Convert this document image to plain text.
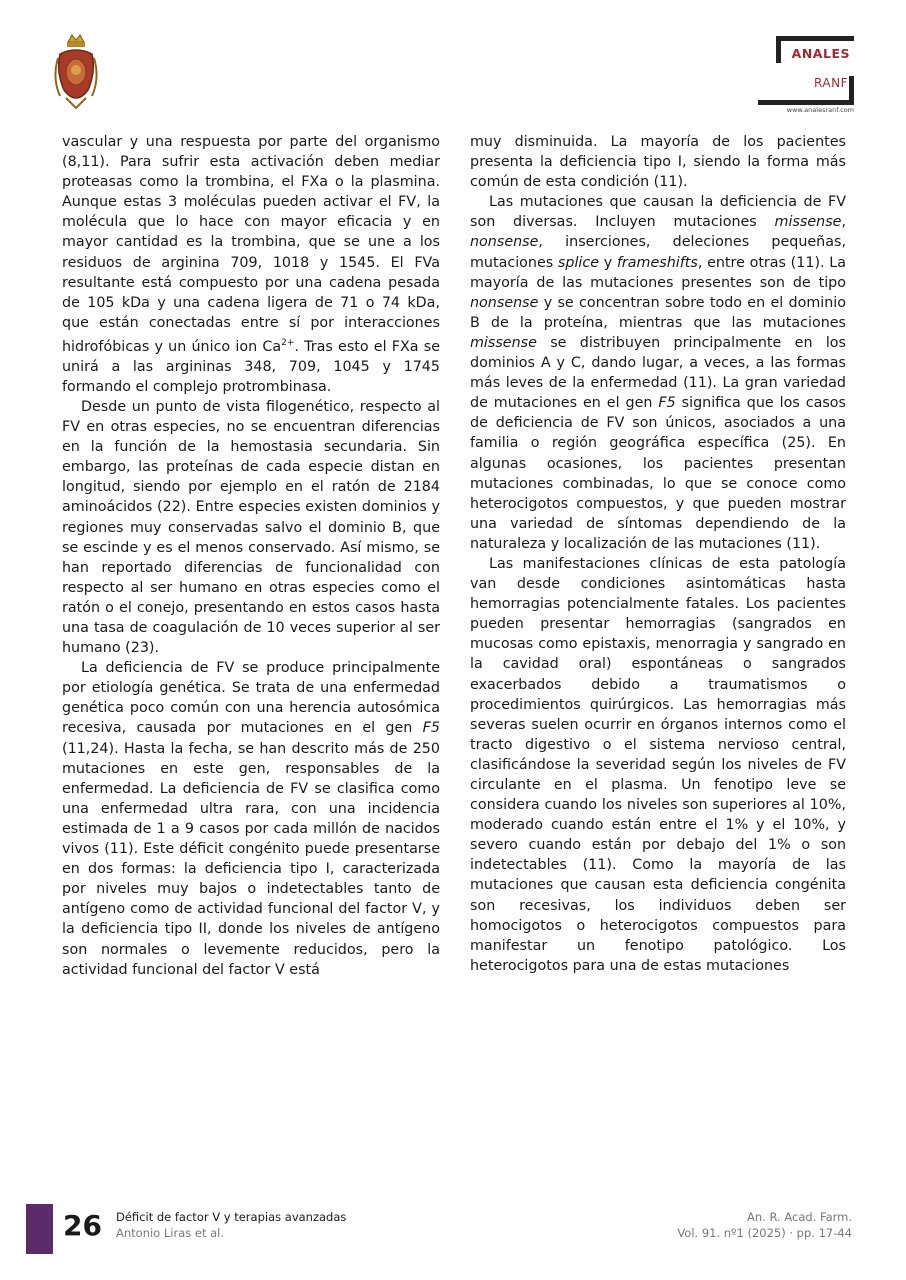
ANALES
RANF
www.analesranf.com

vascular y una respuesta por parte del organismo (8,11). Para sufrir esta activación deben mediar proteasas como la trombina, el FXa o la plasmina. Aunque estas 3 moléculas pueden activar el FV, la molécula que lo hace con mayor eficacia y en mayor cantidad es la trombina, que se une a los residuos de arginina 709, 1018 y 1545. El FVa resultante está compuesto por una cadena pesada de 105 kDa y una cadena ligera de 71 o 74 kDa, que están conectadas entre sí por interacciones hidrofóbicas y un único ion $Ca^{2+}$. Tras esto el FXa se unirá a las argininas 348, 709, 1045 y 1745 formando el complejo protrombinasa.

Desde un punto de vista filogenético, respecto al FV en otras especies, no se encuentran diferencias en la función de la hemostasia secundaria. Sin embargo, las proteínas de cada especie distan en longitud, siendo por ejemplo en el ratón de 2184 aminoácidos (22). Entre especies existen dominios y regiones muy conservadas salvo el dominio B, que se escinde y es el menos conservado. Así mismo, se han reportado diferencias de funcionalidad con respecto al ser humano en otras especies como el ratón o el conejo, presentando en estos casos hasta una tasa de coagulación de 10 veces superior al ser humano (23).

La deficiencia de FV se produce principalmente por etiología genética. Se trata de una enfermedad genética poco común con una herencia autosómica recesiva, causada por mutaciones en el gen F5 (11,24). Hasta la fecha, se han descrito más de 250 mutaciones en este gen, responsables de la enfermedad. La deficiencia de FV se clasifica como una enfermedad ultra rara, con una incidencia estimada de 1 a 9 casos por cada millón de nacidos vivos (11). Este déficit congénito puede presentarse en dos formas: la deficiencia tipo I, caracterizada por niveles muy bajos o indetectables tanto de antígeno como de actividad funcional del factor V, y la deficiencia tipo II, donde los niveles de antígeno son normales o levemente reducidos, pero la actividad funcional del factor V está

muy disminuida. La mayoría de los pacientes presenta la deficiencia tipo I, siendo la forma más común de esta condición (11).

Las mutaciones que causan la deficiencia de FV son diversas. Incluyen mutaciones missense, nonsense, inserciones, deleciones pequeñas, mutaciones splice y frameshifts, entre otras (11). La mayoría de las mutaciones presentes son de tipo nonsense y se concentran sobre todo en el dominio B de la proteína, mientras que las mutaciones missense se distribuyen principalmente en los dominios A y C, dando lugar, a veces, a las formas más leves de la enfermedad (11). La gran variedad de mutaciones en el gen F5 significa que los casos de deficiencia de FV son únicos, asociados a una familia o región geográfica específica (25). En algunas ocasiones, los pacientes presentan mutaciones combinadas, lo que se conoce como heterocigotos compuestos, y que pueden mostrar una variedad de síntomas dependiendo de la naturaleza y localización de las mutaciones (11).

Las manifestaciones clínicas de esta patología van desde condiciones asintomáticas hasta hemorragias potencialmente fatales. Los pacientes pueden presentar hemorragias (sangrados en mucosas como epistaxis, menorragia y sangrado en la cavidad oral) espontáneas o sangrados exacerbados debido a traumatismos o procedimientos quirúrgicos. Las hemorragias más severas suelen ocurrir en órganos internos como el tracto digestivo o el sistema nervioso central, clasificándose la severidad según los niveles de FV circulante en el plasma. Un fenotipo leve se considera cuando los niveles son superiores al 10%, moderado cuando están entre el 1% y el 10%, y severo cuando están por debajo del 1% o son indetectables (11). Como la mayoría de las mutaciones que causan esta deficiencia congénita son recesivas, los individuos deben ser homocigotos o heterocigotos compuestos para manifestar un fenotipo patológico. Los heterocigotos para una de estas mutaciones

26 Déficit de factor V y terapias avanzadas
Antonio Liras et al.
An. R. Acad. Farm.
Vol. 91. nº1 (2025) · pp. 17-44
